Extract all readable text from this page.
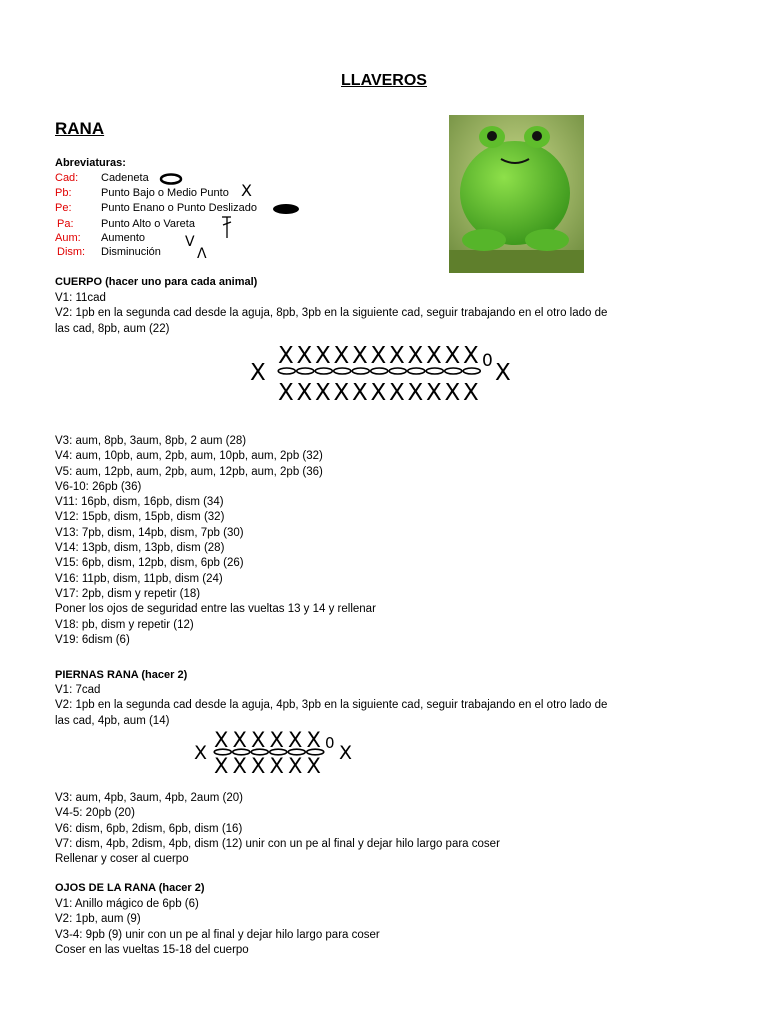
LLAVEROS
RANA
Abreviaturas:
Cad: Cadeneta
Pb:	Punto Bajo o Medio Punto
Pe:	Punto Enano o Punto Deslizado
Pa: Punto Alto o Vareta
Aum: Aumento
Dism: Disminución
X
V
Λ
CUERPO (hacer uno para cada animal)
V1: 11cad
V2: 1pb en la segunda cad desde la aguja, 8pb, 3pb en la siguiente cad, seguir trabajando en el otro lado de
las cad, 8pb, aum (22)
X X X X X X X X X X X 0
X X X X X X X X X X X
X	X
V3: aum, 8pb, 3aum, 8pb, 2 aum (28)
V4: aum, 10pb, aum, 2pb, aum, 10pb, aum, 2pb (32)
V5: aum, 12pb, aum, 2pb, aum, 12pb, aum, 2pb (36)
V6-10: 26pb (36)
V11: 16pb, dism, 16pb, dism (34)
V12: 15pb, dism, 15pb, dism (32)
V13: 7pb, dism, 14pb, dism, 7pb (30)
V14: 13pb, dism, 13pb, dism (28)
V15: 6pb, dism, 12pb, dism, 6pb (26)
V16: 11pb, dism, 11pb, dism (24)
V17: 2pb, dism y repetir (18)
Poner los ojos de seguridad entre las vueltas 13 y 14 y rellenar
V18: pb, dism y repetir (12)
V19: 6dism (6)
PIERNAS RANA (hacer 2)
V1: 7cad
V2: 1pb en la segunda cad desde la aguja, 4pb, 3pb en la siguiente cad, seguir trabajando en el otro lado de
las cad, 4pb, aum (14)
X X X X X X 0
X X X X X X
X	X
V3: aum, 4pb, 3aum, 4pb, 2aum (20)
V4-5: 20pb (20)
V6: dism, 6pb, 2dism, 6pb, dism (16)
V7: dism, 4pb, 2dism, 4pb, dism (12) unir con un pe al final y dejar hilo largo para coser
Rellenar y coser al cuerpo
OJOS DE LA RANA (hacer 2)
V1: Anillo mágico de 6pb (6)
V2: 1pb, aum (9)
V3-4: 9pb (9) unir con un pe al final y dejar hilo largo para coser
Coser en las vueltas 15-18 del cuerpo
